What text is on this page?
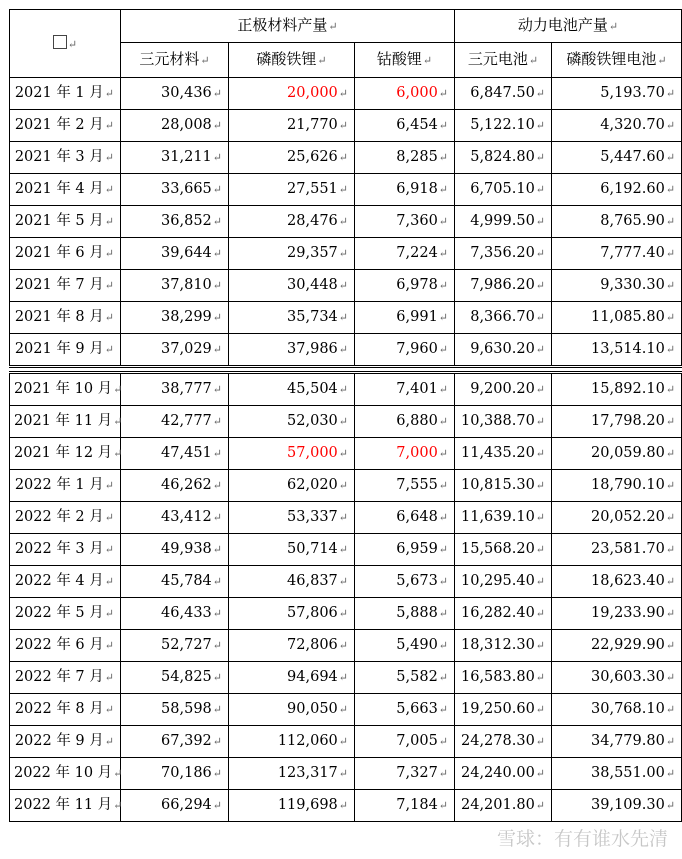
↵	正极材料产量↵			动力电池产量↵	
	三元材料↵	磷酸铁锂↵	钴酸锂↵	三元电池↵	磷酸铁锂电池↵
2021 年 1 月↵	30,436↵	20,000↵	6,000↵	6,847.50↵	5,193.70↵
2021 年 2 月↵	28,008↵	21,770↵	6,454↵	5,122.10↵	4,320.70↵
2021 年 3 月↵	31,211↵	25,626↵	8,285↵	5,824.80↵	5,447.60↵
2021 年 4 月↵	33,665↵	27,551↵	6,918↵	6,705.10↵	6,192.60↵
2021 年 5 月↵	36,852↵	28,476↵	7,360↵	4,999.50↵	8,765.90↵
2021 年 6 月↵	39,644↵	29,357↵	7,224↵	7,356.20↵	7,777.40↵
2021 年 7 月↵	37,810↵	30,448↵	6,978↵	7,986.20↵	9,330.30↵
2021 年 8 月↵	38,299↵	35,734↵	6,991↵	8,366.70↵	11,085.80↵
2021 年 9 月↵	37,029↵	37,986↵	7,960↵	9,630.20↵	13,514.10↵

2021 年 10 月↵	38,777↵	45,504↵	7,401↵	9,200.20↵	15,892.10↵
2021 年 11 月↵	42,777↵	52,030↵	6,880↵	10,388.70↵	17,798.20↵
2021 年 12 月↵	47,451↵	57,000↵	7,000↵	11,435.20↵	20,059.80↵
2022 年 1 月↵	46,262↵	62,020↵	7,555↵	10,815.30↵	18,790.10↵
2022 年 2 月↵	43,412↵	53,337↵	6,648↵	11,639.10↵	20,052.20↵
2022 年 3 月↵	49,938↵	50,714↵	6,959↵	15,568.20↵	23,581.70↵
2022 年 4 月↵	45,784↵	46,837↵	5,673↵	10,295.40↵	18,623.40↵
2022 年 5 月↵	46,433↵	57,806↵	5,888↵	16,282.40↵	19,233.90↵
2022 年 6 月↵	52,727↵	72,806↵	5,490↵	18,312.30↵	22,929.90↵
2022 年 7 月↵	54,825↵	94,694↵	5,582↵	16,583.80↵	30,603.30↵
2022 年 8 月↵	58,598↵	90,050↵	5,663↵	19,250.60↵	30,768.10↵
2022 年 9 月↵	67,392↵	112,060↵	7,005↵	24,278.30↵	34,779.80↵
2022 年 10 月↵	70,186↵	123,317↵	7,327↵	24,240.00↵	38,551.00↵
2022 年 11 月↵	66,294↵	119,698↵	7,184↵	24,201.80↵	39,109.30↵
雪球：有有谁水先清
